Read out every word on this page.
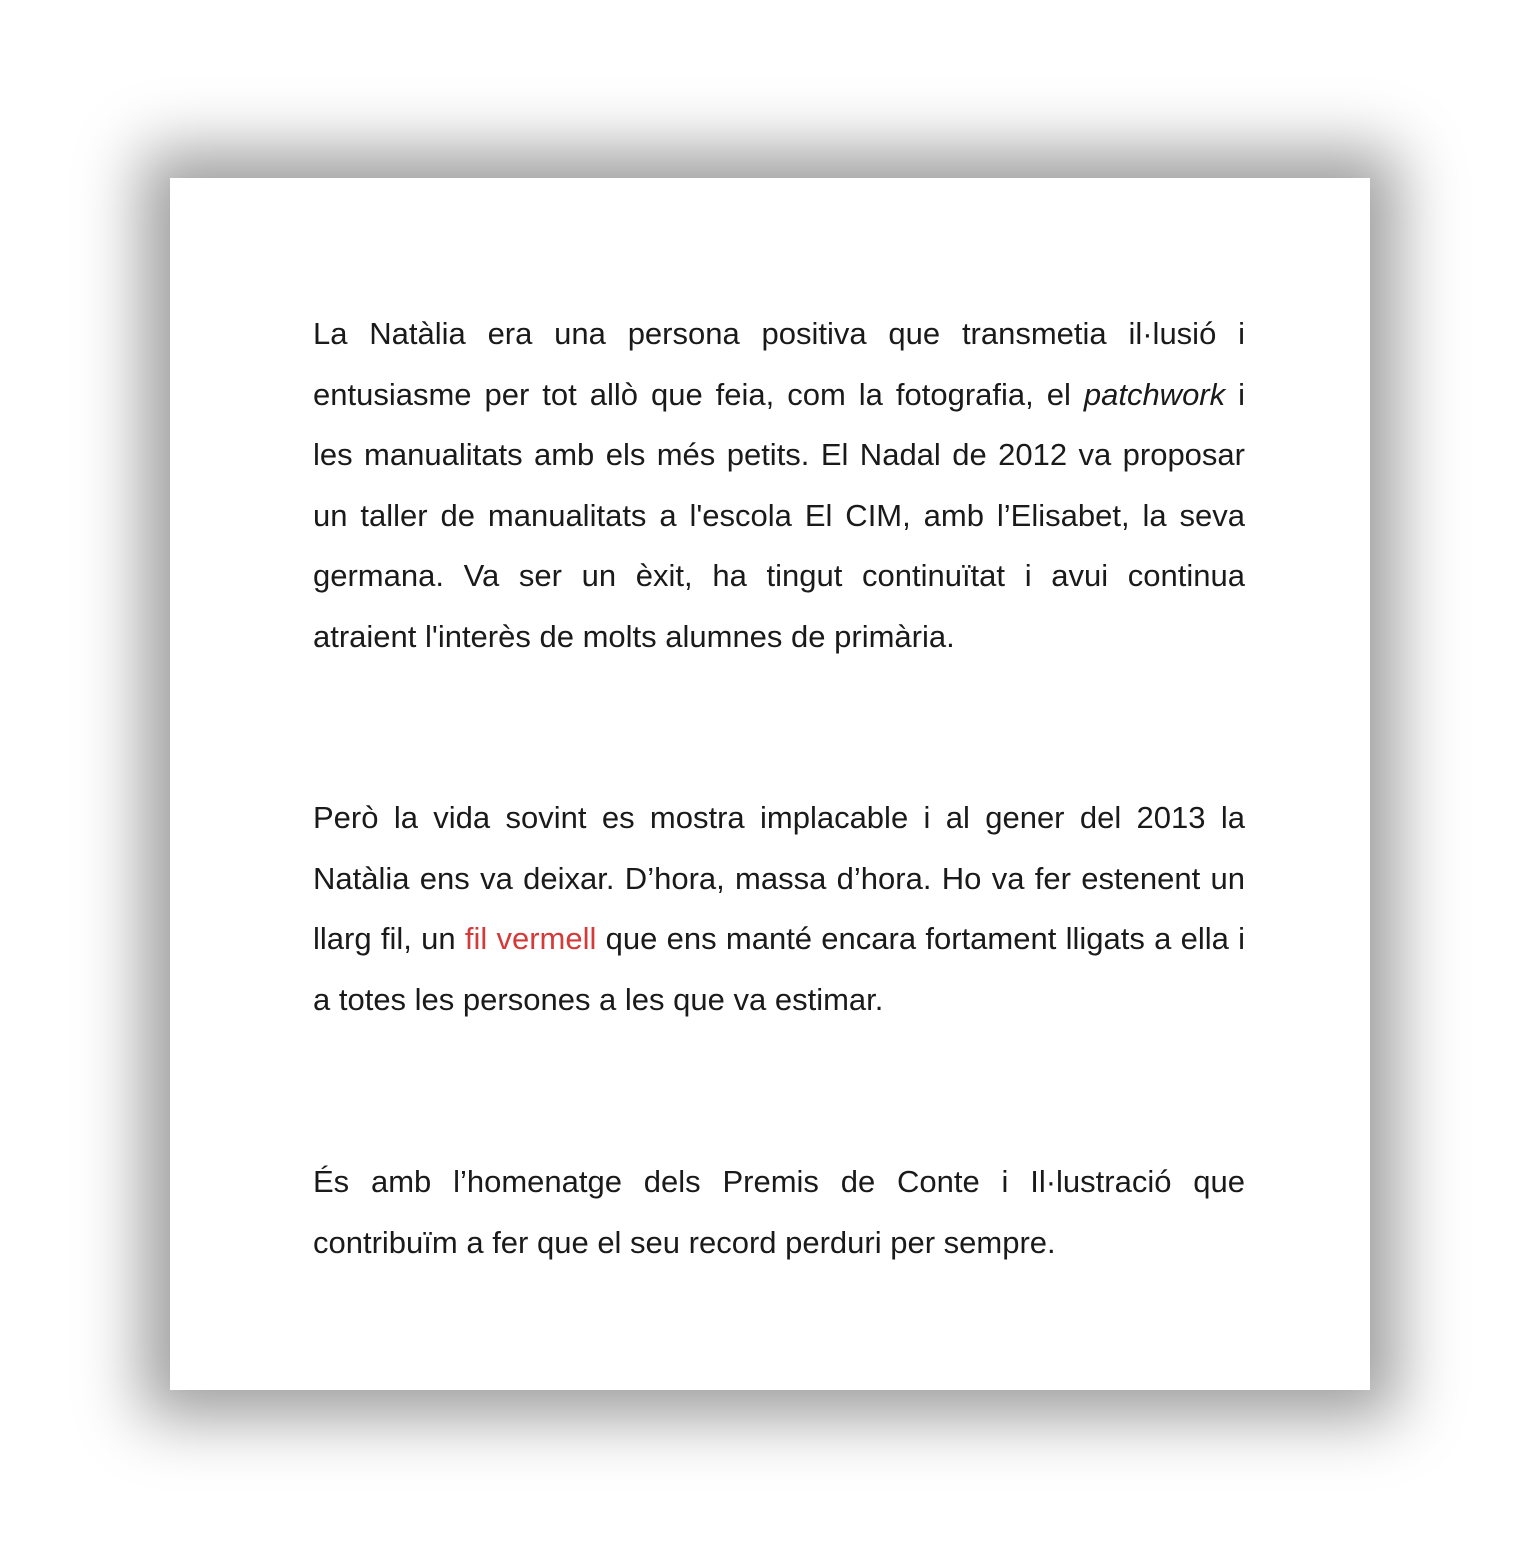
La Natàlia era una persona positiva que transmetia il·lusió i entusiasme per tot allò que feia, com la fotografia, el patchwork i les manualitats amb els més petits. El Nadal de 2012 va proposar un taller de manualitats a l'escola El CIM, amb l’Elisabet, la seva germana. Va ser un èxit, ha tingut continuïtat i avui continua atraient l'interès de molts alumnes de primària.

Però la vida sovint es mostra implacable i al gener del 2013 la Natàlia ens va deixar. D’hora, massa d’hora. Ho va fer estenent un llarg fil, un fil vermell que ens manté encara fortament lligats a ella i a totes les persones a les que va estimar.

És amb l’homenatge dels Premis de Conte i Il·lustració que contribuïm a fer que el seu record perduri per sempre.
